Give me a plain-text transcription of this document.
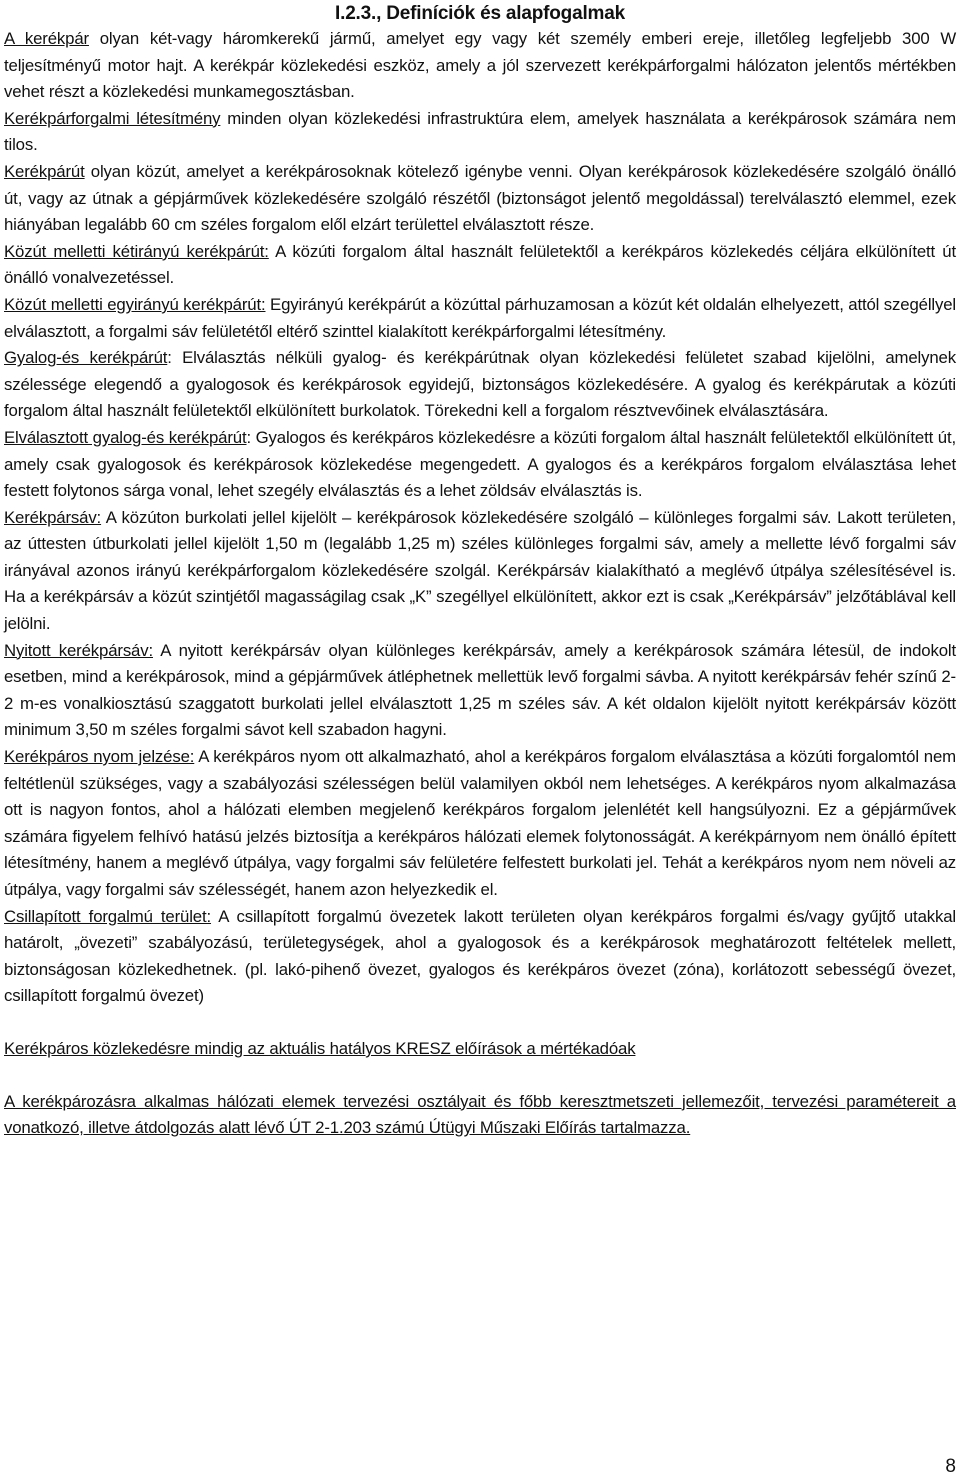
I.2.3., Definíciók és alapfogalmak

A kerékpár olyan két-vagy háromkerekű jármű, amelyet egy vagy két személy emberi ereje, illetőleg legfeljebb 300 W teljesítményű motor hajt. A kerékpár közlekedési eszköz, amely a jól szervezett kerékpárforgalmi hálózaton jelentős mértékben vehet részt a közlekedési munkamegosztásban.

Kerékpárforgalmi létesítmény minden olyan közlekedési infrastruktúra elem, amelyek használata a kerékpárosok számára nem tilos.

Kerékpárút olyan közút, amelyet a kerékpárosoknak kötelező igénybe venni. Olyan kerékpárosok közlekedésére szolgáló önálló út, vagy az útnak a gépjárművek közlekedésére szolgáló részétől (biztonságot jelentő megoldással) terelválasztó elemmel, ezek hiányában legalább 60 cm széles forgalom elől elzárt területtel elválasztott része.

Közút melletti kétirányú kerékpárút: A közúti forgalom által használt felületektől a kerékpáros közlekedés céljára elkülönített út önálló vonalvezetéssel.

Közút melletti egyirányú kerékpárút: Egyirányú kerékpárút a közúttal párhuzamosan a közút két oldalán elhelyezett, attól szegéllyel elválasztott, a forgalmi sáv felületétől eltérő szinttel kialakított kerékpárforgalmi létesítmény.

Gyalog-és kerékpárút: Elválasztás nélküli gyalog- és kerékpárútnak olyan közlekedési felületet szabad kijelölni, amelynek szélessége elegendő a gyalogosok és kerékpárosok egyidejű, biztonságos közlekedésére. A gyalog és kerékpárutak a közúti forgalom által használt felületektől elkülönített burkolatok. Törekedni kell a forgalom résztvevőinek elválasztására.

Elválasztott gyalog-és kerékpárút: Gyalogos és kerékpáros közlekedésre a közúti forgalom által használt felületektől elkülönített út, amely csak gyalogosok és kerékpárosok közlekedése megengedett. A gyalogos és a kerékpáros forgalom elválasztása lehet festett folytonos sárga vonal, lehet szegély elválasztás és a lehet zöldsáv elválasztás is.

Kerékpársáv: A közúton burkolati jellel kijelölt – kerékpárosok közlekedésére szolgáló – különleges forgalmi sáv. Lakott területen, az úttesten útburkolati jellel kijelölt 1,50 m (legalább 1,25 m) széles különleges forgalmi sáv, amely a mellette lévő forgalmi sáv irányával azonos irányú kerékpárforgalom közlekedésére szolgál. Kerékpársáv kialakítható a meglévő útpálya szélesítésével is. Ha a kerékpársáv a közút szintjétől magasságilag csak „K” szegéllyel elkülönített, akkor ezt is csak „Kerékpársáv” jelzőtáblával kell jelölni.

Nyitott kerékpársáv: A nyitott kerékpársáv olyan különleges kerékpársáv, amely a kerékpárosok számára létesül, de indokolt esetben, mind a kerékpárosok, mind a gépjárművek átléphetnek mellettük levő forgalmi sávba. A nyitott kerékpársáv fehér színű 2-2 m-es vonalkiosztású szaggatott burkolati jellel elválasztott 1,25 m széles sáv. A két oldalon kijelölt nyitott kerékpársáv között minimum 3,50 m széles forgalmi sávot kell szabadon hagyni.

Kerékpáros nyom jelzése: A kerékpáros nyom ott alkalmazható, ahol a kerékpáros forgalom elválasztása a közúti forgalomtól nem feltétlenül szükséges, vagy a szabályozási szélességen belül valamilyen okból nem lehetséges. A kerékpáros nyom alkalmazása ott is nagyon fontos, ahol a hálózati elemben megjelenő kerékpáros forgalom jelenlétét kell hangsúlyozni. Ez a gépjárművek számára figyelem felhívó hatású jelzés biztosítja a kerékpáros hálózati elemek folytonosságát. A kerékpárnyom nem önálló épített létesítmény, hanem a meglévő útpálya, vagy forgalmi sáv felületére felfestett burkolati jel. Tehát a kerékpáros nyom nem növeli az útpálya, vagy forgalmi sáv szélességét, hanem azon helyezkedik el.

Csillapított forgalmú terület: A csillapított forgalmú övezetek lakott területen olyan kerékpáros forgalmi és/vagy gyűjtő utakkal határolt, „övezeti” szabályozású, területegységek, ahol a gyalogosok és a kerékpárosok meghatározott feltételek mellett, biztonságosan közlekedhetnek. (pl. lakó-pihenő övezet, gyalogos és kerékpáros övezet (zóna), korlátozott sebességű övezet, csillapított forgalmú övezet)

Kerékpáros közlekedésre mindig az aktuális hatályos KRESZ előírások a mértékadóak

A kerékpározásra alkalmas hálózati elemek tervezési osztályait és főbb keresztmetszeti jellemezőit, tervezési paramétereit a vonatkozó, illetve átdolgozás alatt lévő ÚT 2-1.203 számú Útügyi Műszaki Előírás tartalmazza.

8
